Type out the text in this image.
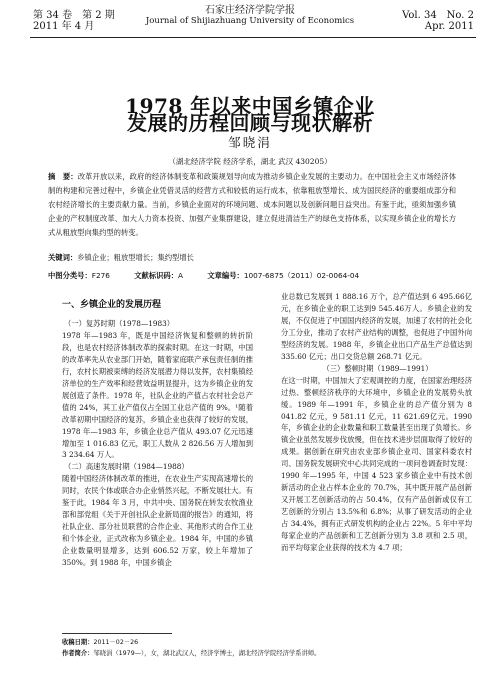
第 34 卷　第 2 期
2011 年 4 月
石家庄经济学院学报
Journal of Shijiazhuang University of Economics	Vol. 34　No. 2
Apr. 2011
1978 年以来中国乡镇企业
发展的历程回顾与现状解析
邹晓涓
（湖北经济学院 经济学系，湖北 武汉 430205）
摘　要：改革开放以来，政府的经济体制变革和政策规划导向成为推动乡镇企业发展的主要动力。在中国社会主义市场经济体制的构建和完善过程中，乡镇企业凭借灵活的经营方式和较低的运行成本，依靠粗放型增长、成为国民经济的重要组成部分和农村经济增长的主要贡献力量。当前，乡镇企业面对的环境问题、成本问题以及创新问题日益突出。有鉴于此，亟须加强乡镇企业的产权制度改革、加大人力资本投资、加强产业集群建设，建立促进清洁生产的绿色支持体系，以实现乡镇企业的增长方式从粗放型向集约型的转变。
关键词：乡镇企业；粗放型增长；集约型增长
中图分类号：F276	文献标识码：A	文章编号：1007-6875（2011）02-0064-04
一、乡镇企业的发展历程

（一）复苏时期（1978—1983）

1978 年—1983 年，既是中国经济恢复和整顿的转折阶段，也是农村经济体制改革的探索时期。在这一时期，中国的改革率先从农业部门开始，随着家庭联产承包责任制的推行，农村长期被束缚的经济发展潜力得以发挥，农村集镇经济单位的生产效率和经营效益明显提升，这为乡镇企业的发展创造了条件。1978 年，社队企业的产值占农村社会总产值的 24%，其工业产值仅占全国工业总产值的 9%。¹随着改革初期中国经济的复苏，乡镇企业也获得了较好的发展，1978 年—1983 年，乡镇企业总产值从 493.07 亿元迅速增加至 1 016.83 亿元，职工人数从 2 826.56 万人增加到 3 234.64 万人。

（二）高速发展时期（1984—1988）

随着中国经济体制改革的推进，在农业生产实现高速增长的同时，农民个体或联合办企业悄然兴起，不断发展壮大。有鉴于此，1984 年 3 月，中共中央、国务院在转发农牧渔业部和部党组《关于开创社队企业新局面的报告》的通知，将社队企业、部分社员联营的合作企业、其他形式的合作工业和个体企业，正式改称为乡镇企业。1984 年，中国的乡镇企业数量明显增多，达到 606.52 万家，较上年增加了 350%。到 1988 年，中国乡镇企

业总数已发展到 1 888.16 万个，总产值达到 6 495.66亿元，在乡镇企业的职工达到9 545.46万人。乡镇企业的发展，不仅促进了中国国内经济的发展，加速了农村的社会化分工分业，推动了农村产业结构的调整，也促进了中国外向型经济的发展。1988 年，乡镇企业出口产品生产总值达到 335.60 亿元；出口交货总额 268.71 亿元。

（三）整顿时期（1989—1991）

在这一时期，中国加大了宏观调控的力度，在国家治理经济过热、整顿经济秩序的大环境中，乡镇企业的发展势头放缓。1989 年—1991 年，乡镇企业的总产值分别为 8 041.82 亿元，9 581.11 亿元，11 621.69亿元。1990 年，乡镇企业的企业数量和职工数量甚至出现了负增长。乡镇企业虽然发展步伐放慢，但在技术进步层面取得了较好的成果。据创新在研究由农业部乡镇企业司、国家科委农村司、国务院发展研究中心共同完成的一项问卷调查时发现：1990 年—1995 年，中国 4 523 家乡镇企业中有技术创新活动的企业占样本企业的 70.7%，其中既开展产品创新又开展工艺创新活动的占 50.4%，仅有产品创新或仅有工艺创新的分别占 13.5%和 6.8%；从事了研发活动的企业占 34.4%，拥有正式研发机构的企业占 22%。5 年中平均每家企业的产品创新和工艺创新分别为 3.8 项和 2.5 项，而平均每家企业获得的技术为 4.7 项；

收稿日期：2011－02－26
作者简介：邹晓涓（1979—），女，湖北武汉人，经济学博士，湖北经济学院经济学系讲师。
